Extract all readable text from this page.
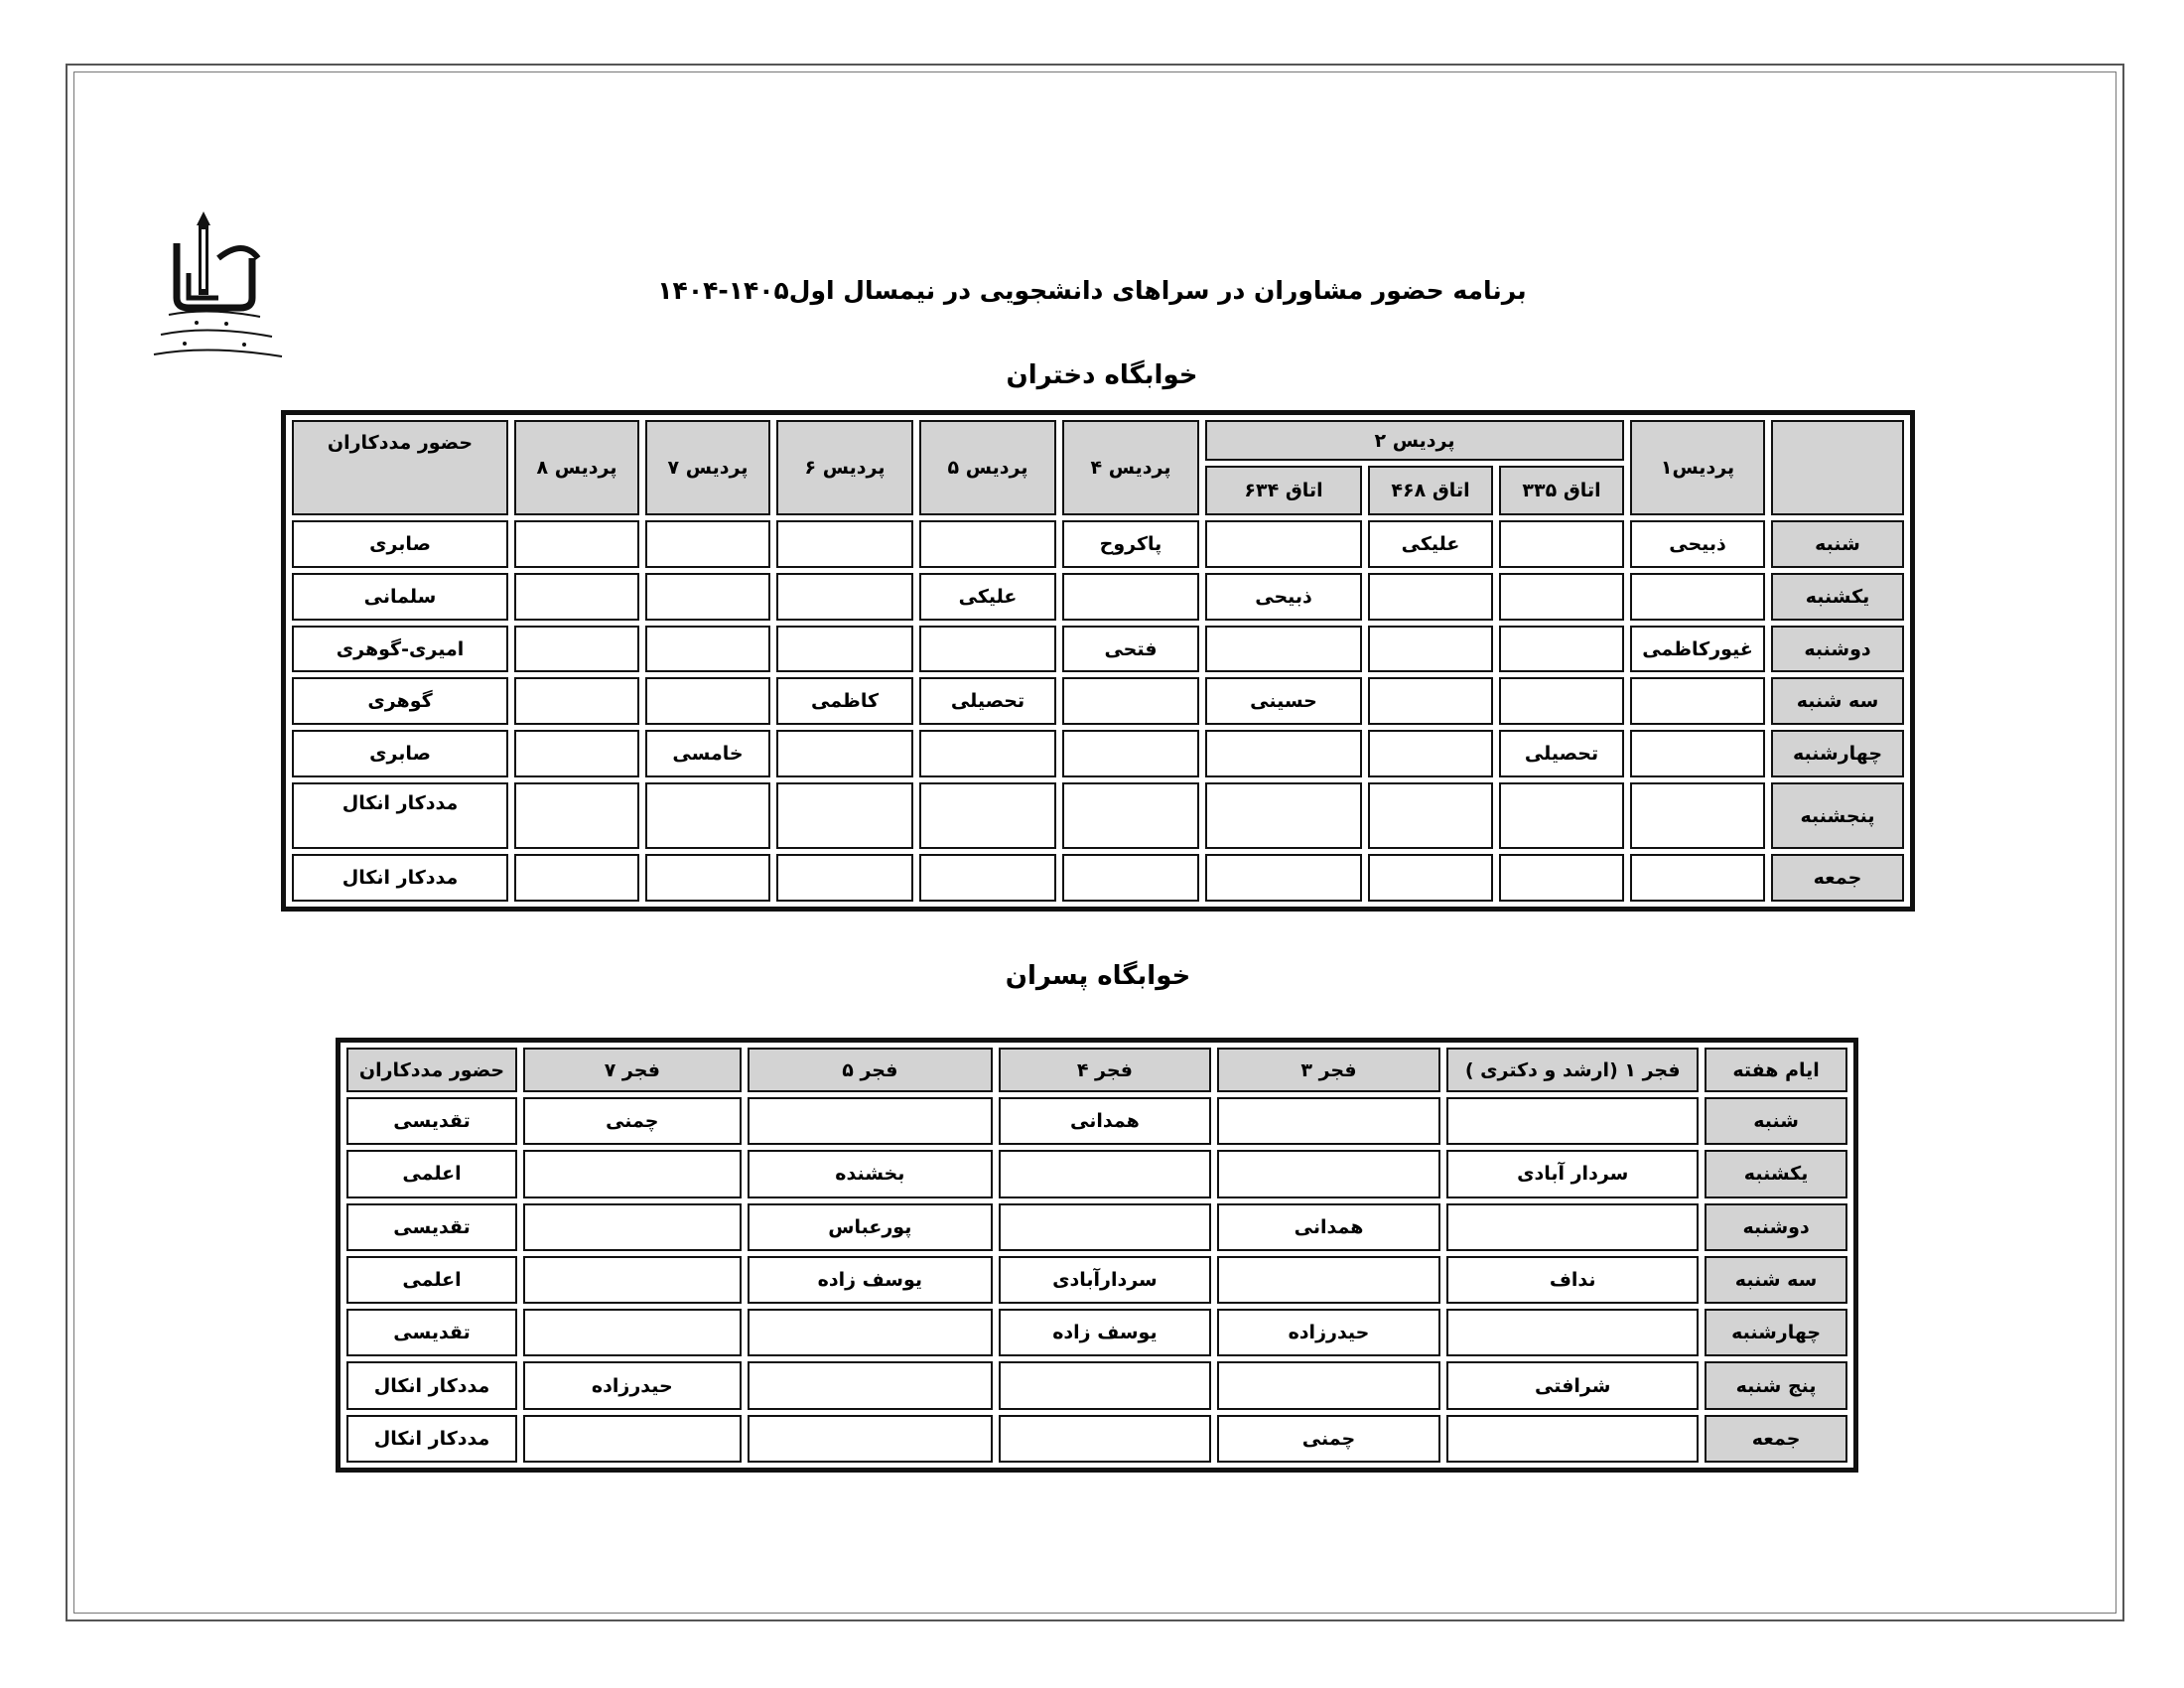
برنامه حضور مشاوران در سراهای دانشجویی در نیمسال اول۱۴۰۵-۱۴۰۴
خوابگاه دختران
	پردیس۱	پردیس ۲			پردیس ۴	پردیس ۵	پردیس ۶	پردیس ۷	پردیس ۸	حضور مددکاران
		اتاق ۳۳۵	اتاق ۴۶۸	اتاق ۶۳۴						
شنبه	ذبیحی		علیکی		پاکروح					صابری
یکشنبه				ذبیحی		علیکی				سلمانی
دوشنبه	غیورکاظمی				فتحی					امیری-گوهری
سه شنبه				حسینی		تحصیلی	کاظمی			گوهری
چهارشنبه		تحصیلی						خامسی		صابری
پنجشنبه										مددکار انکال
جمعه										مددکار انکال
خوابگاه پسران
ایام هفته	فجر ۱ (ارشد و دکتری )	فجر ۳	فجر ۴	فجر ۵	فجر ۷	حضور مددکاران
شنبه			همدانی		چمنی	تقدیسی
یکشنبه	سردار آبادی			بخشنده		اعلمی
دوشنبه		همدانی		پورعباس		تقدیسی
سه شنبه	نداف		سردارآبادی	یوسف زاده		اعلمی
چهارشنبه		حیدرزاده	یوسف زاده			تقدیسی
پنج شنبه	شرافتی				حیدرزاده	مددکار انکال
جمعه		چمنی				مددکار انکال
